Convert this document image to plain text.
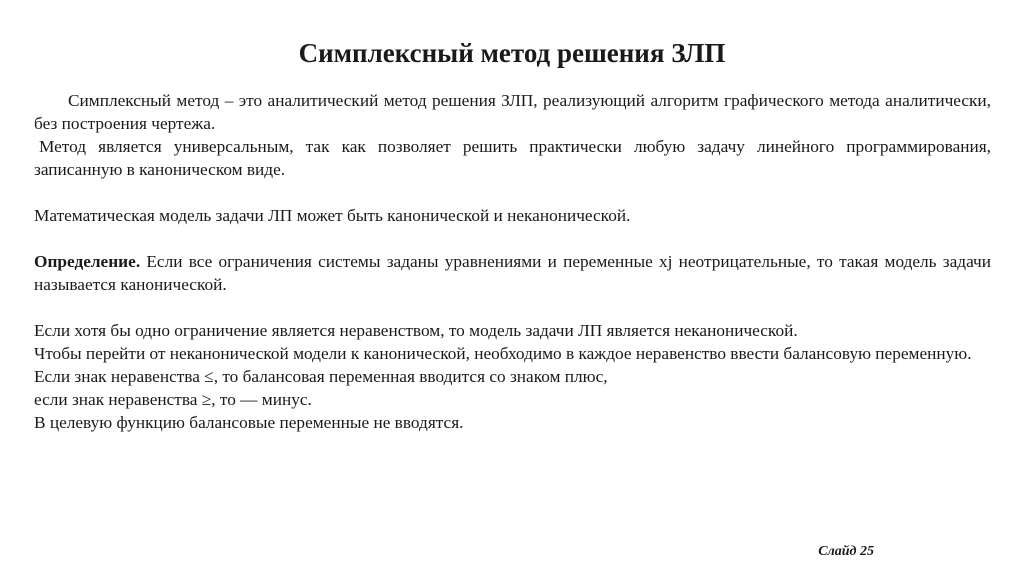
Симплексный метод решения ЗЛП

Симплексный метод – это аналитический метод решения ЗЛП, реализующий алгоритм графического метода аналитически, без построения чертежа.

Метод является универсальным, так как позволяет решить практически любую задачу линейного программирования, записанную в каноническом виде.

Математическая модель задачи ЛП может быть канонической и неканонической.

Определение. Если все ограничения системы заданы уравнениями и переменные xj неотрицательные, то такая модель задачи называется канонической.

Если хотя бы одно ограничение является неравенством, то модель задачи ЛП является неканонической.

Чтобы перейти от неканонической модели к канонической, необходимо в каждое неравенство ввести балансовую переменную.

Если знак неравенства ≤, то балансовая переменная вводится со знаком плюс,

если знак неравенства ≥, то — минус.

В целевую функцию балансовые переменные не вводятся.

Слайд 25
